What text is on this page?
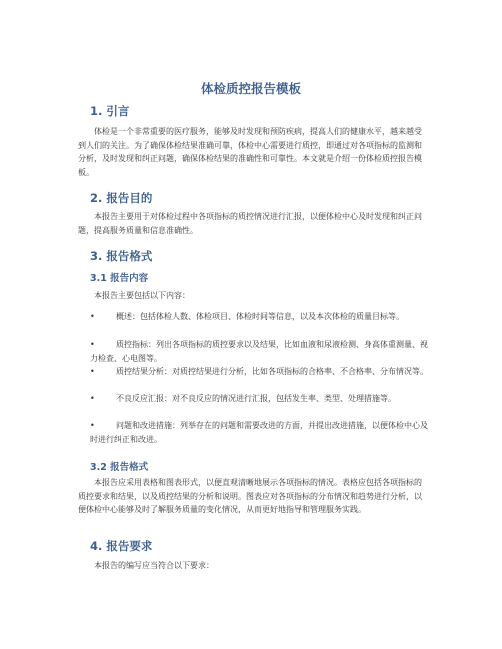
体检质控报告模板
1. 引言

体检是一个非常重要的医疗服务，能够及时发现和预防疾病，提高人们的健康水平，越来越受到人们的关注。为了确保体检结果准确可靠，体检中心需要进行质控，即通过对各项指标的监测和分析，及时发现和纠正问题，确保体检结果的准确性和可靠性。本文就是介绍一份体检质控报告模板。

2. 报告目的

本报告主要用于对体检过程中各项指标的质控情况进行汇报，以便体检中心及时发现和纠正问题，提高服务质量和信息准确性。

3. 报告格式
3.1 报告内容

本报告主要包括以下内容：

•	概述：包括体检人数、体检项目、体检时间等信息，以及本次体检的质量目标等。

•	质控指标：列出各项指标的质控要求以及结果，比如血液和尿液检测、身高体重测量、视力检查、心电图等。

•	质控结果分析：对质控结果进行分析，比如各项指标的合格率、不合格率、分布情况等。

•	不良反应汇报：对不良反应的情况进行汇报，包括发生率、类型、处理措施等。

•	问题和改进措施：列举存在的问题和需要改进的方面，并提出改进措施，以便体检中心及时进行纠正和改进。

3.2 报告格式

本报告应采用表格和图表形式，以便直观清晰地展示各项指标的情况。表格应包括各项指标的质控要求和结果，以及质控结果的分析和说明。图表应对各项指标的分布情况和趋势进行分析，以便体检中心能够及时了解服务质量的变化情况，从而更好地指导和管理服务实践。

4. 报告要求

本报告的编写应当符合以下要求：
